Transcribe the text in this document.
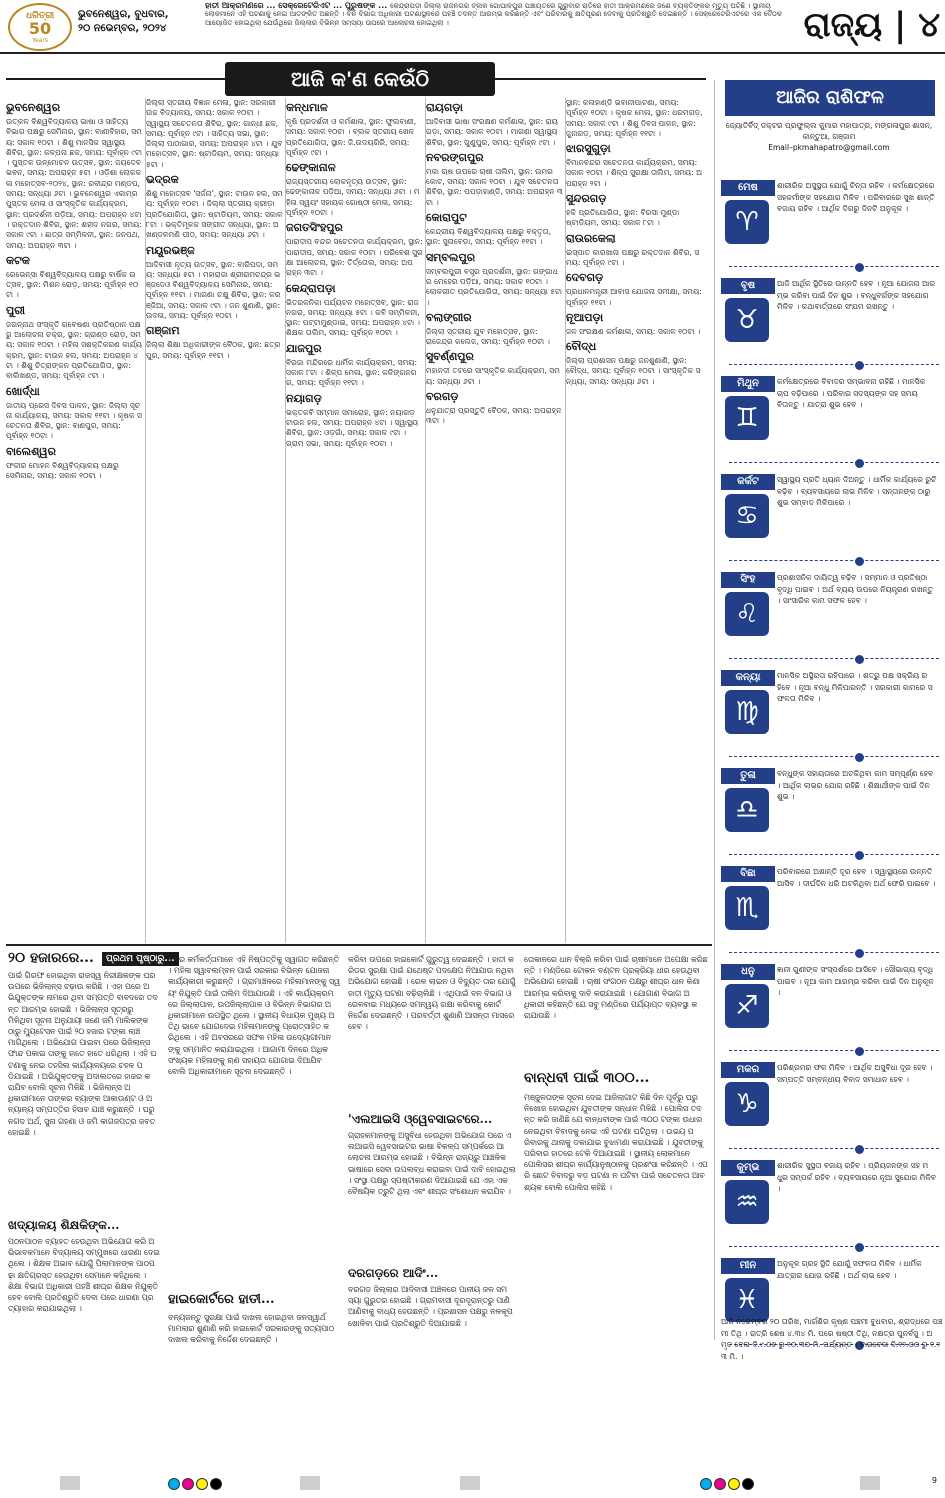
ଧରିତ୍ରୀ
50
Years
ଭୁବନେଶ୍ୱର, ବୁଧବାର,
୨୦ ନଭେମ୍ବର, ୨୦୨୪
ହାତୀ ଆକ୍ରମଣରେ ... ସେକ୍ରେଟେରିଏଟ ... ପୁରୁଷଙ୍କ ... କେନ୍ଦ୍ରାପଡ଼ା ଜିଲ୍ଲା ରାଜନଗର ବ୍ଲକ ଗୋପାଳପୁର ପଞ୍ଚାୟତରେ ଗୁରୁବାର ରାତିରେ ହାତୀ ଆକ୍ରମଣରେ ଜଣେ ବ୍ୟକ୍ତିଙ୍କର ମୃତ୍ୟୁ ଘଟିଛି । ସ୍ଥାନୀୟ ଲୋକମାନେ ଏହି ଘଟଣାକୁ ନେଇ ଆତଙ୍କିତ ଅଛନ୍ତି । ବନ ବିଭାଗ ଅଧିକାରୀ ଘଟଣାସ୍ଥଳରେ ପହଞ୍ଚି ତଦନ୍ତ ଆରମ୍ଭ କରିଛନ୍ତି ଏବଂ ପରିବାରକୁ କ୍ଷତିପୂରଣ ଦେବାକୁ ପ୍ରତିଶ୍ରୁତି ଦେଇଛନ୍ତି । ସେକ୍ରେଟେରିଏଟରେ ଏକ ବୈଠକ ଆୟୋଜିତ ହୋଇଥିଲା ଯେଉଁଥିରେ ଜିଲ୍ଲାର ବିଭିନ୍ନ ସମସ୍ୟା ଉପରେ ଆଲୋଚନା ହୋଇଥିଲା ।	ରାଜ୍ୟ | ୪
ଆଜି କ'ଣ କେଉଁଠି
ଭୁବନେଶ୍ୱର
ଉତ୍କଳ ବିଶ୍ୱବିଦ୍ୟାଳୟ ଭାଷା ଓ ସାହିତ୍ୟ ବିଭାଗ ପକ୍ଷରୁ ସେମିନାର, ସ୍ଥାନ: ବାଣୀବିହାର, ସମୟ: ସକାଳ ୧୦ଟା । ଶିଶୁ ମାନସିକ ସ୍ୱାସ୍ଥ୍ୟ ଶିବିର, ସ୍ଥାନ: କଳ୍ପନା ଛକ, ସମୟ: ପୂର୍ବାହ୍ନ ୯ଟା । ପୁସ୍ତକ ଉନ୍ମୋଚନ ଉତ୍ସବ, ସ୍ଥାନ: ଜୟଦେବ ଭବନ, ସମୟ: ଅପରାହ୍ନ ୫ଟା । ଓଡ଼ିଶା ଲୋକକଳା ମହୋତ୍ସବ-୨୦୨୪, ସ୍ଥାନ: ରବୀନ୍ଦ୍ର ମଣ୍ଡପ, ସମୟ: ସନ୍ଧ୍ୟା ୬ଟା । ଭୁବନେଶ୍ୱର ଏକାମ୍ର ପୁସ୍ତକ ମେଳା ଓ ସାଂସ୍କୃତିକ କାର୍ଯ୍ୟକ୍ରମ, ସ୍ଥାନ: ପ୍ରଦର୍ଶନୀ ପଡ଼ିଆ, ସମୟ: ଅପରାହ୍ନ ୪ଟା । ରକ୍ତଦାନ ଶିବିର, ସ୍ଥାନ: ଶହୀଦ ନଗର, ସମୟ: ସକାଳ ୯ଟା । ଛାତ୍ର ସମ୍ମିଳନୀ, ସ୍ଥାନ: ଜନପଥ, ସମୟ: ଅପରାହ୍ନ ୩ଟା ।
କଟକ
ରେଭେନ୍ସା ବିଶ୍ୱବିଦ୍ୟାଳୟ ପକ୍ଷରୁ ବାର୍ଷିକ ଉତ୍ସବ, ସ୍ଥାନ: ମିଶନ ରୋଡ଼, ସମୟ: ପୂର୍ବାହ୍ନ ୧୦ଟା ।
ପୁରୀ
ଜଗନ୍ନାଥ ସଂସ୍କୃତି ଗବେଷଣା ପ୍ରତିଷ୍ଠାନ ପକ୍ଷରୁ ଆଲୋଚନା ଚକ୍ର, ସ୍ଥାନ: ଗ୍ରାଣ୍ଡ ରୋଡ଼, ସମୟ: ସକାଳ ୧୦ଟା । ମହିଳା ସଶକ୍ତିକରଣ କାର୍ଯ୍ୟକ୍ରମ, ସ୍ଥାନ: ଟାଉନ ହଲ, ସମୟ: ଅପରାହ୍ନ ୪ଟା । ଶିଶୁ ଚିତ୍ରାଙ୍କନ ପ୍ରତିଯୋଗିତା, ସ୍ଥାନ: ବାଲିଖଣ୍ଡ, ସମୟ: ପୂର୍ବାହ୍ନ ୯ଟା ।
ଖୋର୍ଦ୍ଧା
ଜାତୀୟ ପ୍ରେସ ଦିବସ ପାଳନ, ସ୍ଥାନ: ଜିଲ୍ଲା ସୂଚନା କାର୍ଯ୍ୟାଳୟ, ସମୟ: ସକାଳ ୧୧ଟା । କୃଷକ ସଚେତନତା ଶିବିର, ସ୍ଥାନ: ବାଣପୁର, ସମୟ: ପୂର୍ବାହ୍ନ ୧୦ଟା ।
ବାଲେଶ୍ୱର
ଫକୀର ମୋହନ ବିଶ୍ୱବିଦ୍ୟାଳୟ ପକ୍ଷରୁ ସେମିନାର, ସମୟ: ସକାଳ ୧୦ଟା ।
ଜିଲ୍ଲା ସ୍ତରୀୟ ବିଜ୍ଞାନ ମେଳା, ସ୍ଥାନ: ସରକାରୀ ଉଚ୍ଚ ବିଦ୍ୟାଳୟ, ସମୟ: ସକାଳ ୧୦ଟା । ସ୍ୱାସ୍ଥ୍ୟ ସଚେତନତା ଶିବିର, ସ୍ଥାନ: ଗାନ୍ଧୀ ଛକ, ସମୟ: ପୂର୍ବାହ୍ନ ୯ଟା । ସାହିତ୍ୟ ସଭା, ସ୍ଥାନ: ଜିଲ୍ଲା ପାଠାଗାର, ସମୟ: ଅପରାହ୍ନ ୪ଟା । ଯୁବ ମହୋତ୍ସବ, ସ୍ଥାନ: ଷ୍ଟାଡିୟମ, ସମୟ: ସନ୍ଧ୍ୟା ୫ଟା ।
ଭଦ୍ରକ
ଶିଶୁ ମହୋତ୍ସବ 'ସର୍ଜନା', ସ୍ଥାନ: ଟାଉନ ହଲ, ସମୟ: ପୂର୍ବାହ୍ନ ୧୦ଟା । ଜିଲ୍ଲା ସ୍ତରୀୟ କ୍ରୀଡ଼ା ପ୍ରତିଯୋଗିତା, ସ୍ଥାନ: ଷ୍ଟାଡିୟମ, ସମୟ: ସକାଳ ୮ଟା । ଭକ୍ତିମୂଳକ ସଙ୍ଗୀତ ସନ୍ଧ୍ୟା, ସ୍ଥାନ: ଅଖଣ୍ଡଳମଣି ପୀଠ, ସମୟ: ସନ୍ଧ୍ୟା ୬ଟା ।
ମୟୂରଭଞ୍ଜ
ଆଦିବାସୀ ନୃତ୍ୟ ଉତ୍ସବ, ସ୍ଥାନ: ବାରିପଦା, ସମୟ: ସନ୍ଧ୍ୟା ୫ଟା । ମହାରାଜା ଶ୍ରୀରାମଚନ୍ଦ୍ର ଭଞ୍ଜଦେଓ ବିଶ୍ୱବିଦ୍ୟାଳୟ ସେମିନାର, ସମୟ: ପୂର୍ବାହ୍ନ ୧୧ଟା । ମାଗଣା ଚକ୍ଷୁ ଶିବିର, ସ୍ଥାନ: କରଞ୍ଜିଆ, ସମୟ: ସକାଳ ୯ଟା । ଜନ ଶୁଣାଣି, ସ୍ଥାନ: ଉଦଳା, ସମୟ: ପୂର୍ବାହ୍ନ ୧୦ଟା ।
ଗଞ୍ଜାମ
ଜିଲ୍ଲା ଶିକ୍ଷା ଅଧିକାରୀଙ୍କ ବୈଠକ, ସ୍ଥାନ: ଛତ୍ରପୁର, ସମୟ: ପୂର୍ବାହ୍ନ ୧୧ଟା ।
କନ୍ଧମାଳ
କୃଷି ପ୍ରଦର୍ଶନୀ ଓ କର୍ମଶାଳା, ସ୍ଥାନ: ଫୁଲବାଣୀ, ସମୟ: ସକାଳ ୧୦ଟା । ବ୍ଲକ ସ୍ତରୀୟ ଖେଳ ପ୍ରତିଯୋଗିତା, ସ୍ଥାନ: ଜି.ଉଦୟଗିରି, ସମୟ: ପୂର୍ବାହ୍ନ ୯ଟା ।
ଢେଙ୍କାନାଳ
ରାଜ୍ୟସ୍ତରୀୟ ଲୋକନୃତ୍ୟ ଉତ୍ସବ, ସ୍ଥାନ: ଢେଙ୍କାନାଳ ପଡ଼ିଆ, ସମୟ: ସନ୍ଧ୍ୟା ୬ଟା । ମହିଳା ସ୍ୱୟଂ ସହାୟକ ଗୋଷ୍ଠୀ ମେଳା, ସମୟ: ପୂର୍ବାହ୍ନ ୧୦ଟା ।
ଜଗତସିଂହପୁର
ପାରାଦୀପ ବନ୍ଦର ସଚେତନତା କାର୍ଯ୍ୟକ୍ରମ, ସ୍ଥାନ: ପାରାଦୀପ, ସମୟ: ସକାଳ ୧୦ଟା । ପରିବେଶ ସୁରକ୍ଷା ଆଲୋଚନା, ସ୍ଥାନ: ତିର୍ତ୍ତୋଲ, ସମୟ: ଅପରାହ୍ନ ୩ଟା ।
କେନ୍ଦ୍ରାପଡ଼ା
ଭିତରକନିକା ପର୍ଯ୍ୟଟନ ମହୋତ୍ସବ, ସ୍ଥାନ: ରାଜନଗର, ସମୟ: ସନ୍ଧ୍ୟା ୫ଟା । କବି ସମ୍ମିଳନୀ, ସ୍ଥାନ: ପଟ୍ଟାମୁଣ୍ଡାଇ, ସମୟ: ଅପରାହ୍ନ ୪ଟା । ଶିକ୍ଷକ ତାଲିମ, ସମୟ: ପୂର୍ବାହ୍ନ ୧୦ଟା ।
ଯାଜପୁର
ବିରଜା ମନ୍ଦିରରେ ଧାର୍ମିକ କାର୍ଯ୍ୟକ୍ରମ, ସମୟ: ସକାଳ ୮ଟା । ଶିଳ୍ପ ମେଳା, ସ୍ଥାନ: କଳିଙ୍ଗନଗର, ସମୟ: ପୂର୍ବାହ୍ନ ୧୧ଟା ।
ନୟାଗଡ଼
ଭକ୍ତକବି ସମ୍ମାନ ସମାରୋହ, ସ୍ଥାନ: ନୟାଗଡ଼ ଟାଉନ ହଲ, ସମୟ: ଅପରାହ୍ନ ୪ଟା । ସ୍ୱାସ୍ଥ୍ୟ ଶିବିର, ସ୍ଥାନ: ଓଡ଼ଗାଁ, ସମୟ: ସକାଳ ୯ଟା । ଗ୍ରାମ ସଭା, ସମୟ: ପୂର୍ବାହ୍ନ ୧୦ଟା ।
ରାୟଗଡ଼ା
ଆଦିବାସୀ ଭାଷା ସଂରକ୍ଷଣ କର୍ମଶାଳା, ସ୍ଥାନ: ରାୟଗଡ଼ା, ସମୟ: ସକାଳ ୧୦ଟା । ମାଗଣା ସ୍ୱାସ୍ଥ୍ୟ ଶିବିର, ସ୍ଥାନ: ଗୁଣୁପୁର, ସମୟ: ପୂର୍ବାହ୍ନ ୯ଟା ।
ନବରଙ୍ଗପୁର
ମକା ଚାଷ ଉପରେ ଚାଷୀ ତାଲିମ, ସ୍ଥାନ: ଉମରକୋଟ, ସମୟ: ସକାଳ ୧୦ଟା । ଯୁବ ସଚେତନତା ଶିବିର, ସ୍ଥାନ: ପପଡ଼ାହାଣ୍ଡି, ସମୟ: ଅପରାହ୍ନ ୩ଟା ।
କୋରାପୁଟ
କେନ୍ଦ୍ରୀୟ ବିଶ୍ୱବିଦ୍ୟାଳୟ ପକ୍ଷରୁ ବକ୍ତୃତା, ସ୍ଥାନ: ସୁନାବେଡ଼ା, ସମୟ: ପୂର୍ବାହ୍ନ ୧୧ଟା ।
ସମ୍ବଲପୁର
ସମ୍ବଲପୁରୀ ବସ୍ତ୍ର ପ୍ରଦର୍ଶନୀ, ସ୍ଥାନ: ଗଙ୍ଗାଧର ମେହେର ପଡ଼ିଆ, ସମୟ: ସକାଳ ୧୦ଟା । ଲୋକଗୀତ ପ୍ରତିଯୋଗିତା, ସମୟ: ସନ୍ଧ୍ୟା ୫ଟା ।
ବଲାଙ୍ଗୀର
ଜିଲ୍ଲା ସ୍ତରୀୟ ଯୁବ ମହୋତ୍ସବ, ସ୍ଥାନ: ରାଜେନ୍ଦ୍ର କଲେଜ, ସମୟ: ପୂର୍ବାହ୍ନ ୧୦ଟା ।
ସୁବର୍ଣ୍ଣପୁର
ମହାନଦୀ ତଟରେ ସାଂସ୍କୃତିକ କାର୍ଯ୍ୟକ୍ରମ, ସମୟ: ସନ୍ଧ୍ୟା ୬ଟା ।
ବରଗଡ଼
ଧନୁଯାତ୍ରା ପ୍ରସ୍ତୁତି ବୈଠକ, ସମୟ: ଅପରାହ୍ନ ୩ଟା ।
ସ୍ଥାନ: କଳାହାଣ୍ଡି ଭବାନୀପାଟଣା, ସମୟ: ପୂର୍ବାହ୍ନ ୧୦ଟା । କୃଷକ ମେଳା, ସ୍ଥାନ: ଧରମଗଡ଼, ସମୟ: ସକାଳ ୯ଟା । ଶିଶୁ ଦିବସ ପାଳନ, ସ୍ଥାନ: ଜୁନାଗଡ଼, ସମୟ: ପୂର୍ବାହ୍ନ ୧୧ଟା ।
ଝାରସୁଗୁଡ଼ା
ବିମାନବନ୍ଦର ସଚେତନତା କାର୍ଯ୍ୟକ୍ରମ, ସମୟ: ସକାଳ ୧୦ଟା । ଶିଳ୍ପ ସୁରକ୍ଷା ତାଲିମ, ସମୟ: ଅପରାହ୍ନ ୨ଟା ।
ସୁନ୍ଦରଗଡ଼
ହକି ପ୍ରତିଯୋଗିତା, ସ୍ଥାନ: ବିରସା ମୁଣ୍ଡା ଷ୍ଟାଡିୟମ, ସମୟ: ସକାଳ ୮ଟା ।
ରାଉରକେଲା
ଇସ୍ପାତ କାରଖାନା ପକ୍ଷରୁ ରକ୍ତଦାନ ଶିବିର, ସମୟ: ପୂର୍ବାହ୍ନ ୯ଟା ।
ଦେବଗଡ଼
ପ୍ରଧାନମନ୍ତ୍ରୀ ଆବାସ ଯୋଜନା ସମୀକ୍ଷା, ସମୟ: ପୂର୍ବାହ୍ନ ୧୧ଟା ।
ନୂଆପଡ଼ା
ଜଳ ସଂରକ୍ଷଣ କର୍ମଶାଳା, ସମୟ: ସକାଳ ୧୦ଟା ।
ବୌଦ୍ଧ
ଜିଲ୍ଲା ପ୍ରଶାସନ ପକ୍ଷରୁ ଜନଶୁଣାଣି, ସ୍ଥାନ: ବୌଦ୍ଧ, ସମୟ: ପୂର୍ବାହ୍ନ ୧୦ଟା । ସାଂସ୍କୃତିକ ସନ୍ଧ୍ୟା, ସମୟ: ସନ୍ଧ୍ୟା ୬ଟା ।
ଆଜିର ରାଶିଫଳ
ଜ୍ୟୋତିର୍ବିଦ୍ ଡକ୍ଟର ପ୍ରଫୁଲ୍ଲ କୁମାର ମହାପାତ୍ର, ମଙ୍ଗଳାପୁର ଶାସନ, କାନ୍ତୁଆ, ଗଞ୍ଜାମ
Email–pkmahapatro@gmail.com
ମେଷ
♈
ଶାରୀରିକ ଅସୁସ୍ଥତା ଯୋଗୁଁ ଚିନ୍ତା ରହିବ । କର୍ମକ୍ଷେତ୍ରରେ ସହକର୍ମୀଙ୍କ ସହଯୋଗ ମିଳିବ । ପରିବାରରେ ସୁଖ ଶାନ୍ତି ବଜାୟ ରହିବ । ଆର୍ଥିକ ଦିଗରୁ ଦିନଟି ଅନୁକୂଳ ।
ବୃଷ
♉
ଆଜି ଆର୍ଥିକ ସ୍ଥିତିରେ ଉନ୍ନତି ହେବ । ନୂଆ ଯୋଜନା ଆରମ୍ଭ କରିବା ପାଇଁ ଦିନ ଶୁଭ । ବନ୍ଧୁବର୍ଗଙ୍କ ସହଯୋଗ ମିଳିବ । କଥାବାର୍ତ୍ତାରେ ସଂଯମ ରଖନ୍ତୁ ।
ମିଥୁନ
♊
କର୍ମକ୍ଷେତ୍ରରେ ବିବାଦର ସମ୍ଭାବନା ରହିଛି । ମାନସିକ ଚାପ ବଢ଼ିପାରେ । ପରିବାର ସଦସ୍ୟଙ୍କ ସହ ସମୟ ବିତାନ୍ତୁ । ଯାତ୍ରା ଶୁଭ ହେବ ।
କର୍କଟ
♋
ସ୍ୱାସ୍ଥ୍ୟ ପ୍ରତି ଧ୍ୟାନ ଦିଅନ୍ତୁ । ଧାର୍ମିକ କାର୍ଯ୍ୟରେ ରୁଚି ବଢ଼ିବ । ବ୍ୟବସାୟରେ ଲାଭ ମିଳିବ । ସନ୍ତାନଙ୍କ ଠାରୁ ଶୁଭ ସମ୍ବାଦ ମିଳିପାରେ ।
ସିଂହ
♌
ପ୍ରଶାସନିକ ଦାୟିତ୍ୱ ବଢ଼ିବ । ସମ୍ମାନ ଓ ପ୍ରତିଷ୍ଠା ବୃଦ୍ଧି ପାଇବ । ଅର୍ଥ ବ୍ୟୟ ଉପରେ ନିୟନ୍ତ୍ରଣ ରଖନ୍ତୁ । ସାଂସାରିକ କାମ ସଫଳ ହେବ ।
କନ୍ୟା
♍
ମାନସିକ ଅସ୍ଥିରତା ରହିପାରେ । ଶତ୍ରୁ ପକ୍ଷ ସକ୍ରିୟ ରହିବେ । ନୂଆ ବନ୍ଧୁ ମିଳିପାରନ୍ତି । ସରକାରୀ କାମରେ ସଫଳତା ମିଳିବ ।
ତୁଳା
♎
ବନ୍ଧୁଙ୍କ ସହାୟତାରେ ଅଟକିଥିବା କାମ ସମ୍ପୂର୍ଣ୍ଣ ହେବ । ଆର୍ଥିକ ଲାଭର ଯୋଗ ରହିଛି । ଶିକ୍ଷାର୍ଥୀଙ୍କ ପାଇଁ ଦିନ ଶୁଭ ।
ବିଛା
♏
ପରିବାରରେ ଅଶାନ୍ତି ଦୂର ହେବ । ସ୍ୱାସ୍ଥ୍ୟରେ ଉନ୍ନତି ଆସିବ । ଦୀର୍ଘଦିନ ଧରି ଅଟକିଥିବା ଅର୍ଥ ଫେରି ପାଇବେ ।
ଧନୁ
♐
ଜ୍ଞାନୀ ଗୁଣୀଙ୍କ ସଂସ୍ପର୍ଶରେ ଆସିବେ । ସୌଭାଗ୍ୟ ବୃଦ୍ଧି ପାଇବ । ନୂଆ କାମ ଆରମ୍ଭ କରିବା ପାଇଁ ଦିନ ଅନୁକୂଳ ।
ମକର
♑
ପରିଶ୍ରମର ଫଳ ମିଳିବ । ଆର୍ଥିକ ଅସୁବିଧା ଦୂର ହେବ । ସମ୍ପତ୍ତି ସମ୍ବନ୍ଧୀୟ ବିବାଦ ସମାଧାନ ହେବ ।
କୁମ୍ଭ
♒
ଶାରୀରିକ ସୁସ୍ଥତା ବଜାୟ ରହିବ । ପ୍ରିୟଜନଙ୍କ ସହ ମଧୁର ସମ୍ପର୍କ ରହିବ । ବ୍ୟବସାୟରେ ନୂଆ ସୁଯୋଗ ମିଳିବ ।
ମୀନ
♓
ଅନୁକୂଳ ଗ୍ରହ ସ୍ଥିତି ଯୋଗୁଁ ସଫଳତା ମିଳିବ । ଧାର୍ମିକ ଯାତ୍ରାର ଯୋଗ ରହିଛି । ଅର୍ଥ ଲାଭ ହେବ ।
ଆଜି ନଭେମ୍ବର ୨୦ ତାରିଖ, ମାର୍ଗଶିର କୃଷ୍ଣ ପଞ୍ଚମୀ ବୁଧବାର, ଶ୍ରାଦ୍ଧରେ ପଞ୍ଚମୀ ତିଥି । ରାତ୍ରି ଶେଷ ୪.୩୪ ମି. ପରେ ଷଷ୍ଠୀ ତିଥି, ନକ୍ଷତ୍ର ପୁନର୍ବସୁ । ଅମୃତ ବେଳା ଦି.୯.୦୭ ରୁ ୧୦.୩୦ ମି. ପର୍ଯ୍ୟନ୍ତ । ବାରବେଳା ଦି.୧୨.୦୦ ରୁ ୧.୨୩ ମି. ।
୨୦ ହଜାରରେ...	ପ୍ରଥମ ପୃଷ୍ଠାରୁ...
ପାଇଁ ଗିରଫ ହୋଇଥିବା ରାଜସ୍ୱ ନିରୀକ୍ଷକଙ୍କ ଘର ଉପରେ ଭିଜିଲାନ୍ସ ଚଢ଼ାଉ କରିଛି । ଏହା ପରେ ଅଭିଯୁକ୍ତଙ୍କ ନାମରେ ଥିବା ସମ୍ପତ୍ତି ବାବଦରେ ତଦନ୍ତ ଆରମ୍ଭ ହୋଇଛି । ଭିଜିଲାନ୍ସ ସୂତ୍ରରୁ ମିଳିଥିବା ସୂଚନା ଅନୁଯାୟୀ ଜଣେ ଜମି ମାଲିକଙ୍କ ଠାରୁ ମ୍ୟୁଟେସନ ପାଇଁ ୨୦ ହଜାର ଟଙ୍କା ଲାଞ୍ଚ ମାଗିଥିଲେ । ଅଭିଯୋଗ ପାଇବା ପରେ ଭିଜିଲାନ୍ସ ଫାନ୍ଦ ପକାଇ ତାଙ୍କୁ ହାତେ ହାତେ ଧରିଥିଲା । ଏହି ଘଟଣାକୁ ନେଇ ତହସିଲ କାର୍ଯ୍ୟାଳୟରେ ଚହଳ ପଡ଼ିଯାଇଛି । ଅଭିଯୁକ୍ତଙ୍କୁ ଅଦାଲତରେ ହାଜର କରାଯିବ ବୋଲି ସୂଚନା ମିଳିଛି । ଭିଜିଲାନ୍ସ ଅଧିକାରୀମାନେ ତାଙ୍କର ବ୍ୟାଙ୍କ ଆକାଉଣ୍ଟ ଓ ଅନ୍ୟାନ୍ୟ ସମ୍ପତ୍ତିର ହିସାବ ଯାଞ୍ଚ କରୁଛନ୍ତି । ଘରୁ ନଗଦ ଅର୍ଥ, ସୁନା ଗହଣା ଓ ଜମି କାଗଜପତ୍ର ଜବତ ହୋଇଛି ।
ଖଦ୍ୟାଳୟ ଶିକ୍ଷକିଙ୍କ...
ପଠନପାଠନ ବ୍ୟାହତ ହେଉଥିବା ଅଭିଯୋଗ କରି ଅଭିଭାବକମାନେ ବିଦ୍ୟାଳୟ ସମ୍ମୁଖରେ ଧାରଣା ଦେଇଥିଲେ । ଶିକ୍ଷକ ଅଭାବ ଯୋଗୁଁ ପିଲାମାନଙ୍କ ପାଠପଢ଼ା କ୍ଷତିଗ୍ରସ୍ତ ହେଉଥିବା ସେମାନେ କହିଥିଲେ । ଶିକ୍ଷା ବିଭାଗ ଅଧିକାରୀ ପହଞ୍ଚି ଶୀଘ୍ର ଶିକ୍ଷକ ନିଯୁକ୍ତି ହେବ ବୋଲି ପ୍ରତିଶ୍ରୁତି ଦେବା ପରେ ଧାରଣା ପ୍ରତ୍ୟାହାର କରାଯାଇଥିଲା ।
ଦଳର କର୍ମକର୍ତ୍ତାମାନେ ଏହି ନିଷ୍ପତ୍ତିକୁ ସ୍ୱାଗତ କରିଛନ୍ତି । ମହିଳା ସ୍ୱାବଲମ୍ବନ ପାଇଁ ସରକାର ବିଭିନ୍ନ ଯୋଜନା କାର୍ଯ୍ୟକାରୀ କରୁଛନ୍ତି । ଗ୍ରାମାଞ୍ଚଳରେ ମହିଳାମାନଙ୍କୁ ସ୍ୱୟଂ ନିଯୁକ୍ତି ପାଇଁ ତାଲିମ ଦିଆଯାଉଛି । ଏହି କାର୍ଯ୍ୟକ୍ରମରେ ଜିଲ୍ଲାପାଳ, ଉପଜିଲ୍ଲାପାଳ ଓ ବିଭିନ୍ନ ବିଭାଗର ଅଧିକାରୀମାନେ ଉପସ୍ଥିତ ଥିଲେ । ସ୍ଥାନୀୟ ବିଧାୟକ ମୁଖ୍ୟ ଅତିଥି ଭାବେ ଯୋଗଦେଇ ମହିଳାମାନଙ୍କୁ ପ୍ରୋତ୍ସାହିତ କରିଥିଲେ । ଏହି ଅବସରରେ ସଫଳ ମହିଳା ଉଦ୍ୟୋଗୀମାନଙ୍କୁ ସମ୍ମାନିତ କରାଯାଇଥିଲା । ଆଗାମୀ ଦିନରେ ଅଧିକ ସଂଖ୍ୟକ ମହିଳାଙ୍କୁ ଋଣ ସହାୟତା ଯୋଗାଇ ଦିଆଯିବ ବୋଲି ଅଧିକାରୀମାନେ ସୂଚନା ଦେଇଛନ୍ତି ।
ହାଇକୋର୍ଟରେ ହାତୀ...
ବନ୍ୟଜନ୍ତୁ ସୁରକ୍ଷା ପାଇଁ ଦାଖଲ ହୋଇଥିବା ଜନସ୍ୱାର୍ଥ ମାମଲାର ଶୁଣାଣି କରି ହାଇକୋର୍ଟ ସରକାରଙ୍କୁ ସତ୍ୟପାଠ ଦାଖଲ କରିବାକୁ ନିର୍ଦ୍ଦେଶ ଦେଇଛନ୍ତି ।
କରିବା ଉପରେ ହାଇକୋର୍ଟ ଗୁରୁତ୍ୱ ଦେଇଛନ୍ତି । ହାତୀ କରିଡର ସୁରକ୍ଷା ପାଇଁ ଯଥେଷ୍ଟ ପଦକ୍ଷେପ ନିଆଯାଉ ନଥିବା ଅଭିଯୋଗ ହୋଇଛି । ରେଳ ଲାଇନ ଓ ବିଦ୍ୟୁତ ତାର ଯୋଗୁଁ ହାତୀ ମୃତ୍ୟୁ ଘଟଣା ବଢ଼ିଚାଲିଛି । ଏଥିପାଇଁ ବନ ବିଭାଗ ଓ ରେଳବାଇ ମଧ୍ୟରେ ସମନ୍ୱୟ ରକ୍ଷା କରିବାକୁ କୋର୍ଟ ନିର୍ଦ୍ଦେଶ ଦେଇଛନ୍ତି । ପରବର୍ତ୍ତୀ ଶୁଣାଣି ଆସନ୍ତା ମାସରେ ହେବ ।
'ଏଲଆଇସି ଓ୍ୱେବସାଇଟରେ...
ଗ୍ରାହକମାନଙ୍କୁ ଅସୁବିଧା ହେଉଥିବା ଅଭିଯୋଗ ପରେ ଏଲଆଇସି ୱେବସାଇଟର ଭାଷା ବିକଳ୍ପ ସମ୍ପର୍କରେ ଆଲୋଚନା ଆରମ୍ଭ ହୋଇଛି । ବିଭିନ୍ନ ରାଜ୍ୟରୁ ଆଞ୍ଚଳିକ ଭାଷାରେ ସେବା ଉପଲବ୍ଧ କରାଇବା ପାଇଁ ଦାବି ହୋଇଥିଲା । ସଂସ୍ଥା ପକ୍ଷରୁ ସ୍ପଷ୍ଟୀକରଣ ଦିଆଯାଇଛି ଯେ ଏହା ଏକ ବୈଷୟିକ ତ୍ରୁଟି ଥିଲା ଏବଂ ଶୀଘ୍ର ସଂଶୋଧନ କରାଯିବ ।
ଦରଗଡ଼ରେ ଆଦିଂ...
ବରଗଡ଼ ଜିଲ୍ଲାର ଆଦିବାସୀ ଅଞ୍ଚଳରେ ପାନୀୟ ଜଳ ସମସ୍ୟା ଗୁରୁତର ହୋଇଛି । ଗ୍ରାମବାସୀ ଦୂରଦୂରାନ୍ତରୁ ପାଣି ଆଣିବାକୁ ବାଧ୍ୟ ହେଉଛନ୍ତି । ପ୍ରଶାସନ ପକ୍ଷରୁ ନଳକୂପ ଖୋଳିବା ପାଇଁ ପ୍ରତିଶ୍ରୁତି ଦିଆଯାଇଛି ।
ତୋକାନରେ ଧାନ ବିକ୍ରି କରିବା ପାଇଁ ଚାଷୀମାନେ ଅପେକ୍ଷା କରିଛନ୍ତି । ମଣ୍ଡିରେ ଟୋକନ ବଣ୍ଟନ ପ୍ରକ୍ରିୟା ଧୀର ହେଉଥିବା ଅଭିଯୋଗ ହୋଇଛି । ଚାଷୀ ସଂଗଠନ ପକ୍ଷରୁ ଶୀଘ୍ର ଧାନ କିଣା ଆରମ୍ଭ କରିବାକୁ ଦାବି କରାଯାଇଛି । ଯୋଗାଣ ବିଭାଗ ଅଧିକାରୀ କହିଛନ୍ତି ଯେ ସବୁ ମଣ୍ଡିରେ ପର୍ଯ୍ୟାପ୍ତ ବ୍ୟବସ୍ଥା କରାଯାଉଛି ।
ବାନ୍ଧବୀ ପାଇଁ ୩୦୦...
ମଞ୍ଜୁଳତାଙ୍କ ସୂଚନା ଦେଇ ଆଜିଲାଗାଟ କିଛି ଦିନ ପୂର୍ବରୁ ଘରୁ ନିଖୋଜ ହୋଇଥିବା ଯୁବତୀଙ୍କ ସନ୍ଧାନ ମିଳିଛି । ପୋଲିସ ତଦନ୍ତ କରି ଜାଣିଛି ଯେ ବାନ୍ଧବୀଙ୍କ ପାଇଁ ୩୦୦ ଟଙ୍କା ଉଧାର ନେଇଥିବା ବିବାଦକୁ ନେଇ ଏହି ଘଟଣା ଘଟିଥିଲା । ଉଭୟ ପରିବାରକୁ ଥାନାକୁ ଡକାଯାଇ ବୁଝାମଣା କରାଯାଇଛି । ଯୁବତୀଙ୍କୁ ପରିବାର ହାତରେ ଟେକି ଦିଆଯାଇଛି । ସ୍ଥାନୀୟ ଲୋକମାନେ ପୋଲିସର ଶୀଘ୍ର କାର୍ଯ୍ୟାନୁଷ୍ଠାନକୁ ପ୍ରଶଂସା କରିଛନ୍ତି । ଏପରି ଛୋଟ ବିବାଦରୁ ବଡ଼ ଘଟଣା ନ ଘଟିବା ପାଇଁ ସଚେତନତା ଆବଶ୍ୟକ ବୋଲି ପୋଲିସ କହିଛି ।
9
